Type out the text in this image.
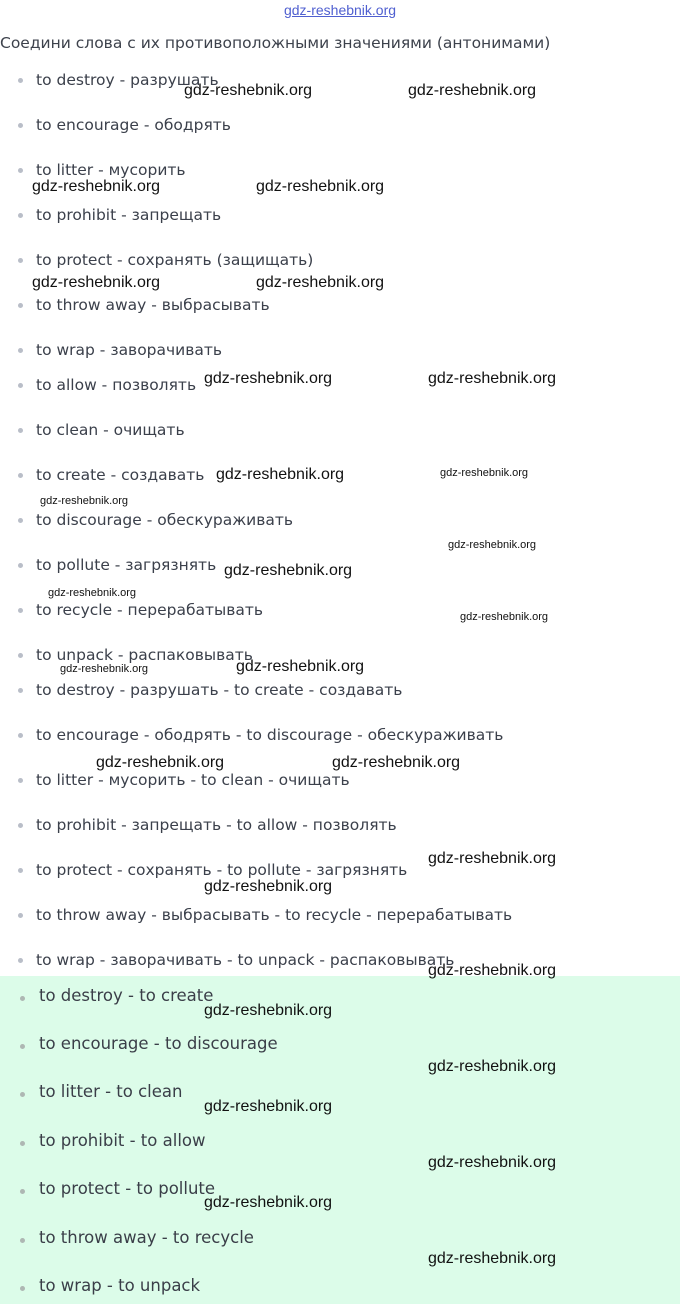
gdz-reshebnik.org
Соедини слова с их противоположными значениями (антонимами)
to destroy - разрушать
to encourage - ободрять
to litter - мусорить
to prohibit - запрещать
to protect - сохранять (защищать)
to throw away - выбрасывать
to wrap - заворачивать
to allow - позволять
to clean - очищать
to create - создавать
to discourage - обескураживать
to pollute - загрязнять
to recycle - перерабатывать
to unpack - распаковывать
to destroy - разрушать - to create - создавать
to encourage - ободрять - to discourage - обескураживать
to litter - мусорить - to clean - очищать
to prohibit - запрещать - to allow - позволять
to protect - сохранять - to pollute - загрязнять
to throw away - выбрасывать - to recycle - перерабатывать
to wrap - заворачивать - to unpack - распаковывать
to destroy - to create
to encourage - to discourage
to litter - to clean
to prohibit - to allow
to protect - to pollute
to throw away - to recycle
to wrap - to unpack
gdz-reshebnik.org	gdz-reshebnik.org
gdz-reshebnik.org	gdz-reshebnik.org
gdz-reshebnik.org	gdz-reshebnik.org
gdz-reshebnik.org	gdz-reshebnik.org
gdz-reshebnik.org	gdz-reshebnik.org
gdz-reshebnik.org
gdz-reshebnik.org
gdz-reshebnik.org
gdz-reshebnik.org
gdz-reshebnik.org
gdz-reshebnik.org
gdz-reshebnik.org
gdz-reshebnik.org	gdz-reshebnik.org
gdz-reshebnik.org
gdz-reshebnik.org
gdz-reshebnik.org
gdz-reshebnik.org
gdz-reshebnik.org
gdz-reshebnik.org
gdz-reshebnik.org
gdz-reshebnik.org
gdz-reshebnik.org
